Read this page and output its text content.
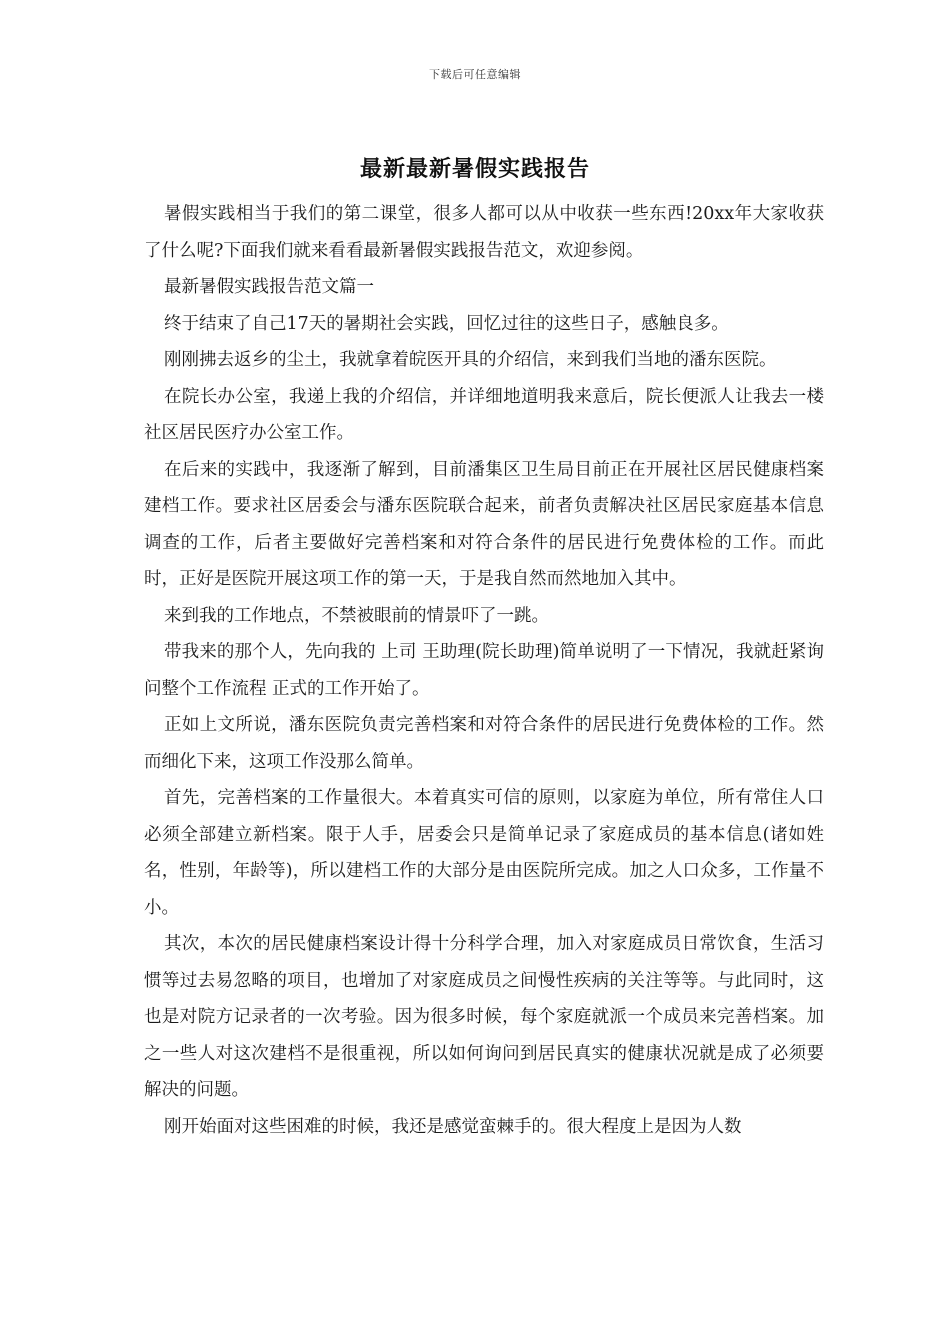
下载后可任意编辑
最新最新暑假实践报告

暑假实践相当于我们的第二课堂，很多人都可以从中收获一些东西!20xx年大家收获了什么呢?下面我们就来看看最新暑假实践报告范文，欢迎参阅。

最新暑假实践报告范文篇一

终于结束了自己17天的暑期社会实践，回忆过往的这些日子，感触良多。

刚刚拂去返乡的尘土，我就拿着皖医开具的介绍信，来到我们当地的潘东医院。

在院长办公室，我递上我的介绍信，并详细地道明我来意后，院长便派人让我去一楼社区居民医疗办公室工作。

在后来的实践中，我逐渐了解到，目前潘集区卫生局目前正在开展社区居民健康档案建档工作。要求社区居委会与潘东医院联合起来，前者负责解决社区居民家庭基本信息调查的工作，后者主要做好完善档案和对符合条件的居民进行免费体检的工作。而此时，正好是医院开展这项工作的第一天，于是我自然而然地加入其中。

来到我的工作地点，不禁被眼前的情景吓了一跳。

带我来的那个人，先向我的 上司 王助理(院长助理)简单说明了一下情况，我就赶紧询问整个工作流程 正式的工作开始了。

正如上文所说，潘东医院负责完善档案和对符合条件的居民进行免费体检的工作。然而细化下来，这项工作没那么简单。

首先，完善档案的工作量很大。本着真实可信的原则，以家庭为单位，所有常住人口必须全部建立新档案。限于人手，居委会只是简单记录了家庭成员的基本信息(诸如姓名，性别，年龄等)，所以建档工作的大部分是由医院所完成。加之人口众多，工作量不小。

其次，本次的居民健康档案设计得十分科学合理，加入对家庭成员日常饮食，生活习惯等过去易忽略的项目，也增加了对家庭成员之间慢性疾病的关注等等。与此同时，这也是对院方记录者的一次考验。因为很多时候，每个家庭就派一个成员来完善档案。加之一些人对这次建档不是很重视，所以如何询问到居民真实的健康状况就是成了必须要解决的问题。

刚开始面对这些困难的时候，我还是感觉蛮棘手的。很大程度上是因为人数
